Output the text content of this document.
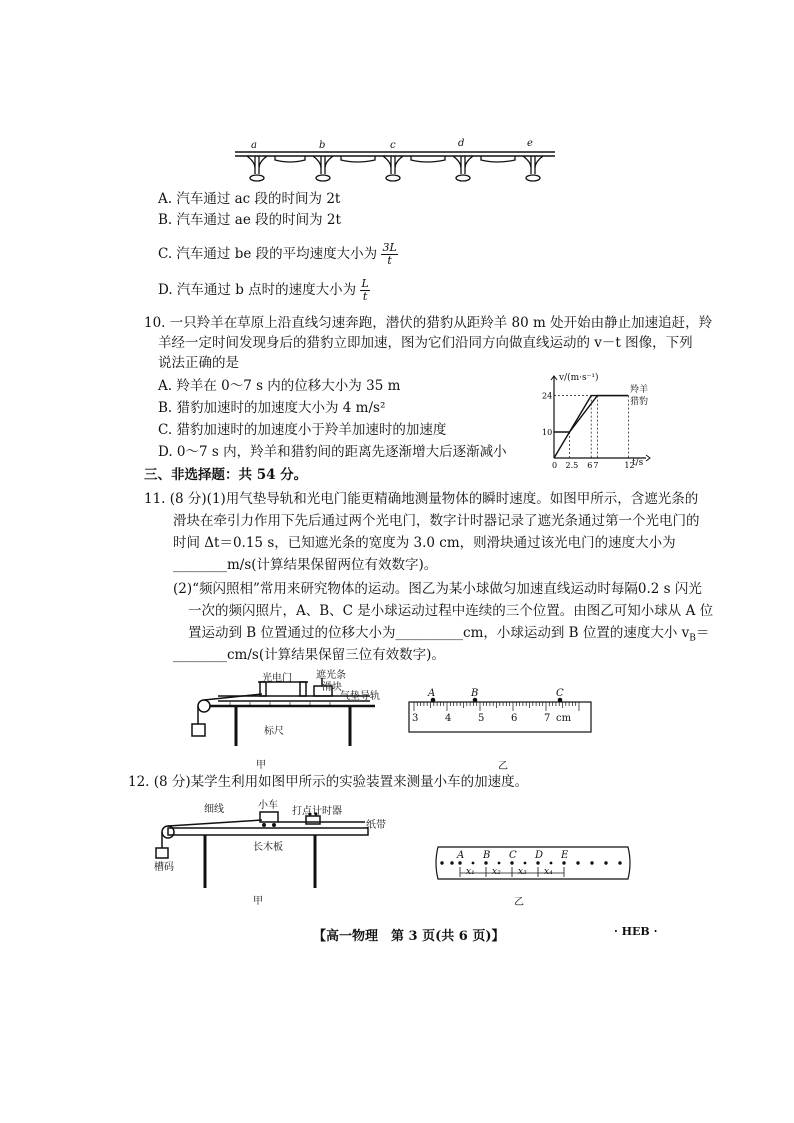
a	b	c	d	e
A. 汽车通过 ac 段的时间为 2t
B. 汽车通过 ae 段的时间为 2t
C. 汽车通过 be 段的平均速度大小为 $\frac{3L}{t}$
D. 汽车通过 b 点时的速度大小为 $\frac{L}{t}$
10. 一只羚羊在草原上沿直线匀速奔跑，潜伏的猎豹从距羚羊 80 m 处开始由静止加速追赶，羚
羊经一定时间发现身后的猎豹立即加速，图为它们沿同方向做直线运动的 v－t 图像，下列
说法正确的是
A. 羚羊在 0～7 s 内的位移大小为 35 m
B. 猎豹加速时的加速度大小为 4 m/s²
C. 猎豹加速时的加速度小于羚羊加速时的加速度
D. 0～7 s 内，羚羊和猎豹间的距离先逐渐增大后逐渐减小
0 2.5 6 7	12
10
24
v/(m·s⁻¹)
t/s
羚羊
猎豹
三、非选择题：共 54 分。
11. (8 分)(1)用气垫导轨和光电门能更精确地测量物体的瞬时速度。如图甲所示，含遮光条的
滑块在牵引力作用下先后通过两个光电门，数字计时器记录了遮光条通过第一个光电门的
时间 Δt＝0.15 s，已知遮光条的宽度为 3.0 cm，则滑块通过该光电门的速度大小为
________m/s(计算结果保留两位有效数字)。
(2)“频闪照相”常用来研究物体的运动。图乙为某小球做匀加速直线运动时每隔0.2 s 闪光
一次的频闪照片，A、B、C 是小球运动过程中连续的三个位置。由图乙可知小球从 A 位
置运动到 B 位置通过的位移大小为__________cm，小球运动到 B 位置的速度大小 $v_B=$
________cm/s(计算结果保留三位有效数字)。
光电门 遮光条
滑块
气垫导轨
标尺
甲
A	B	C
3	4	5	6	7 cm
乙
12. (8 分)某学生利用如图甲所示的实验装置来测量小车的加速度。
细线	小车
打点计时器
纸带
长木板
槽码
甲
A B C D E
x₁ x₂ x₃ x₄
乙
【高一物理　第 3 页(共 6 页)】	· HEB ·
